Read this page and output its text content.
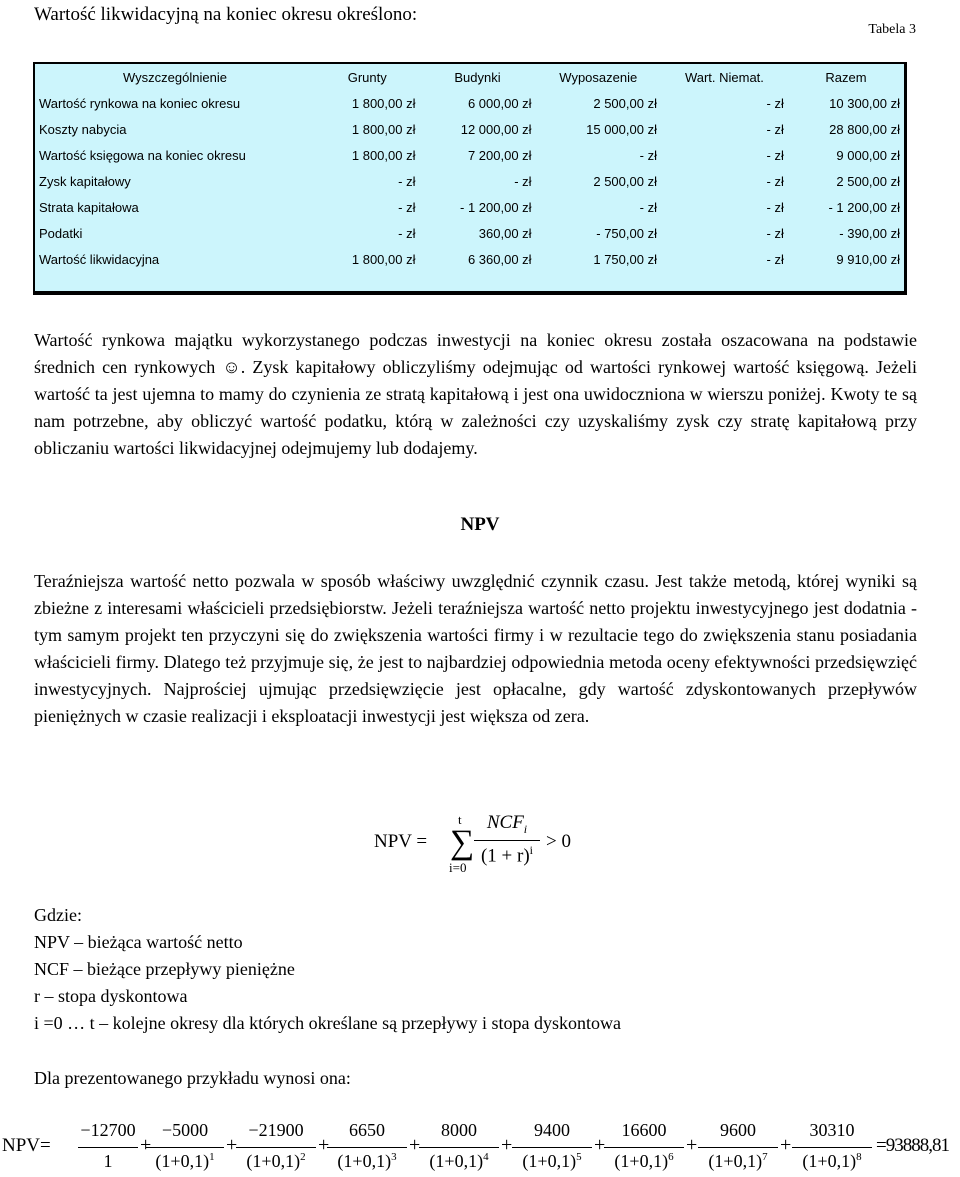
Wartość likwidacyjną na koniec okresu określono:
Tabela 3
Wyszczególnienie	Grunty	Budynki	Wyposazenie	Wart. Niemat.	Razem
Wartość rynkowa na koniec okresu	1 800,00 zł	6 000,00 zł	2 500,00 zł	- zł	10 300,00 zł
Koszty nabycia	1 800,00 zł	12 000,00 zł	15 000,00 zł	- zł	28 800,00 zł
Wartość księgowa na koniec okresu	1 800,00 zł	7 200,00 zł	- zł	- zł	9 000,00 zł
Zysk kapitałowy	- zł	- zł	2 500,00 zł	- zł	2 500,00 zł
Strata kapitałowa	- zł	- 1 200,00 zł	- zł	- zł	- 1 200,00 zł
Podatki	- zł	360,00 zł	- 750,00 zł	- zł	- 390,00 zł
Wartość likwidacyjna	1 800,00 zł	6 360,00 zł	1 750,00 zł	- zł	9 910,00 zł
Wartość rynkowa majątku wykorzystanego podczas inwestycji na koniec okresu została oszacowana na podstawie średnich cen rynkowych ☺. Zysk kapitałowy obliczyliśmy odejmując od wartości rynkowej wartość księgową. Jeżeli wartość ta jest ujemna to mamy do czynienia ze stratą kapitałową i jest ona uwidoczniona w wierszu poniżej. Kwoty te są nam potrzebne, aby obliczyć wartość podatku, którą w zależności czy uzyskaliśmy zysk czy stratę kapitałową przy obliczaniu wartości likwidacyjnej odejmujemy lub dodajemy.
NPV
Teraźniejsza wartość netto pozwala w sposób właściwy uwzględnić czynnik czasu. Jest także metodą, której wyniki są zbieżne z interesami właścicieli przedsiębiorstw. Jeżeli teraźniejsza wartość netto projektu inwestycyjnego jest dodatnia - tym samym projekt ten przyczyni się do zwiększenia wartości firmy i w rezultacie tego do zwiększenia stanu posiadania właścicieli firmy. Dlatego też przyjmuje się, że jest to najbardziej odpowiednia metoda oceny efektywności przedsięwzięć inwestycyjnych. Najprościej ujmując przedsięwzięcie jest opłacalne, gdy wartość zdyskontowanych przepływów pieniężnych w czasie realizacji i eksploatacji inwestycji jest większa od zera.
NPV = ∑
t
i=0
$NCF_i$
$(1 + r)^i > 0$
Gdzie:
NPV – bieżąca wartość netto
NCF – bieżące przepływy pieniężne
r – stopa dyskontowa
i =0 … t – kolejne okresy dla których określane są przepływy i stopa dyskontowa
Dla prezentowanego przykładu wynosi ona:
NPV=
−12700
1
+
−5000
$(1+0,1)^1$
+
−21900
$(1+0,1)^2$
+
6650
$(1+0,1)^3$
+
8000
$(1+0,1)^4$
+
9400
$(1+0,1)^5$
+
16600
$(1+0,1)^6$
+
9600
$(1+0,1)^7$
+
30310
$(1+0,1)^8$
=93888,81
